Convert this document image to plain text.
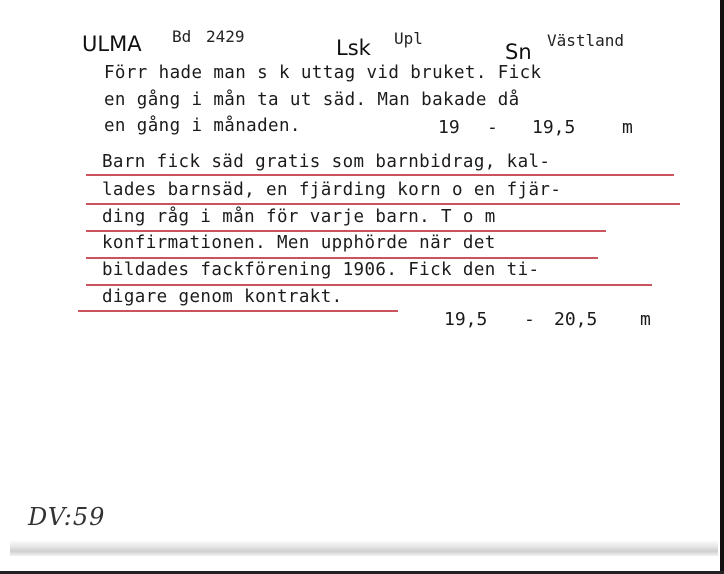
ULMA Bd 2429	Lsk Upl
Sn Västland
Förr hade man s k uttag vid bruket. Fick
en gång i mån ta ut säd. Man bakade då
en gång i månaden.	19 - 19,5	m
Barn fick säd gratis som barnbidrag, kal-
lades barnsäd, en fjärding korn o en fjär-
ding råg i mån för varje barn. T o m
konfirmationen. Men upphörde när det
bildades fackförening 1906. Fick den ti-
digare genom kontrakt.
19,5 - 20,5 m
DV:59
